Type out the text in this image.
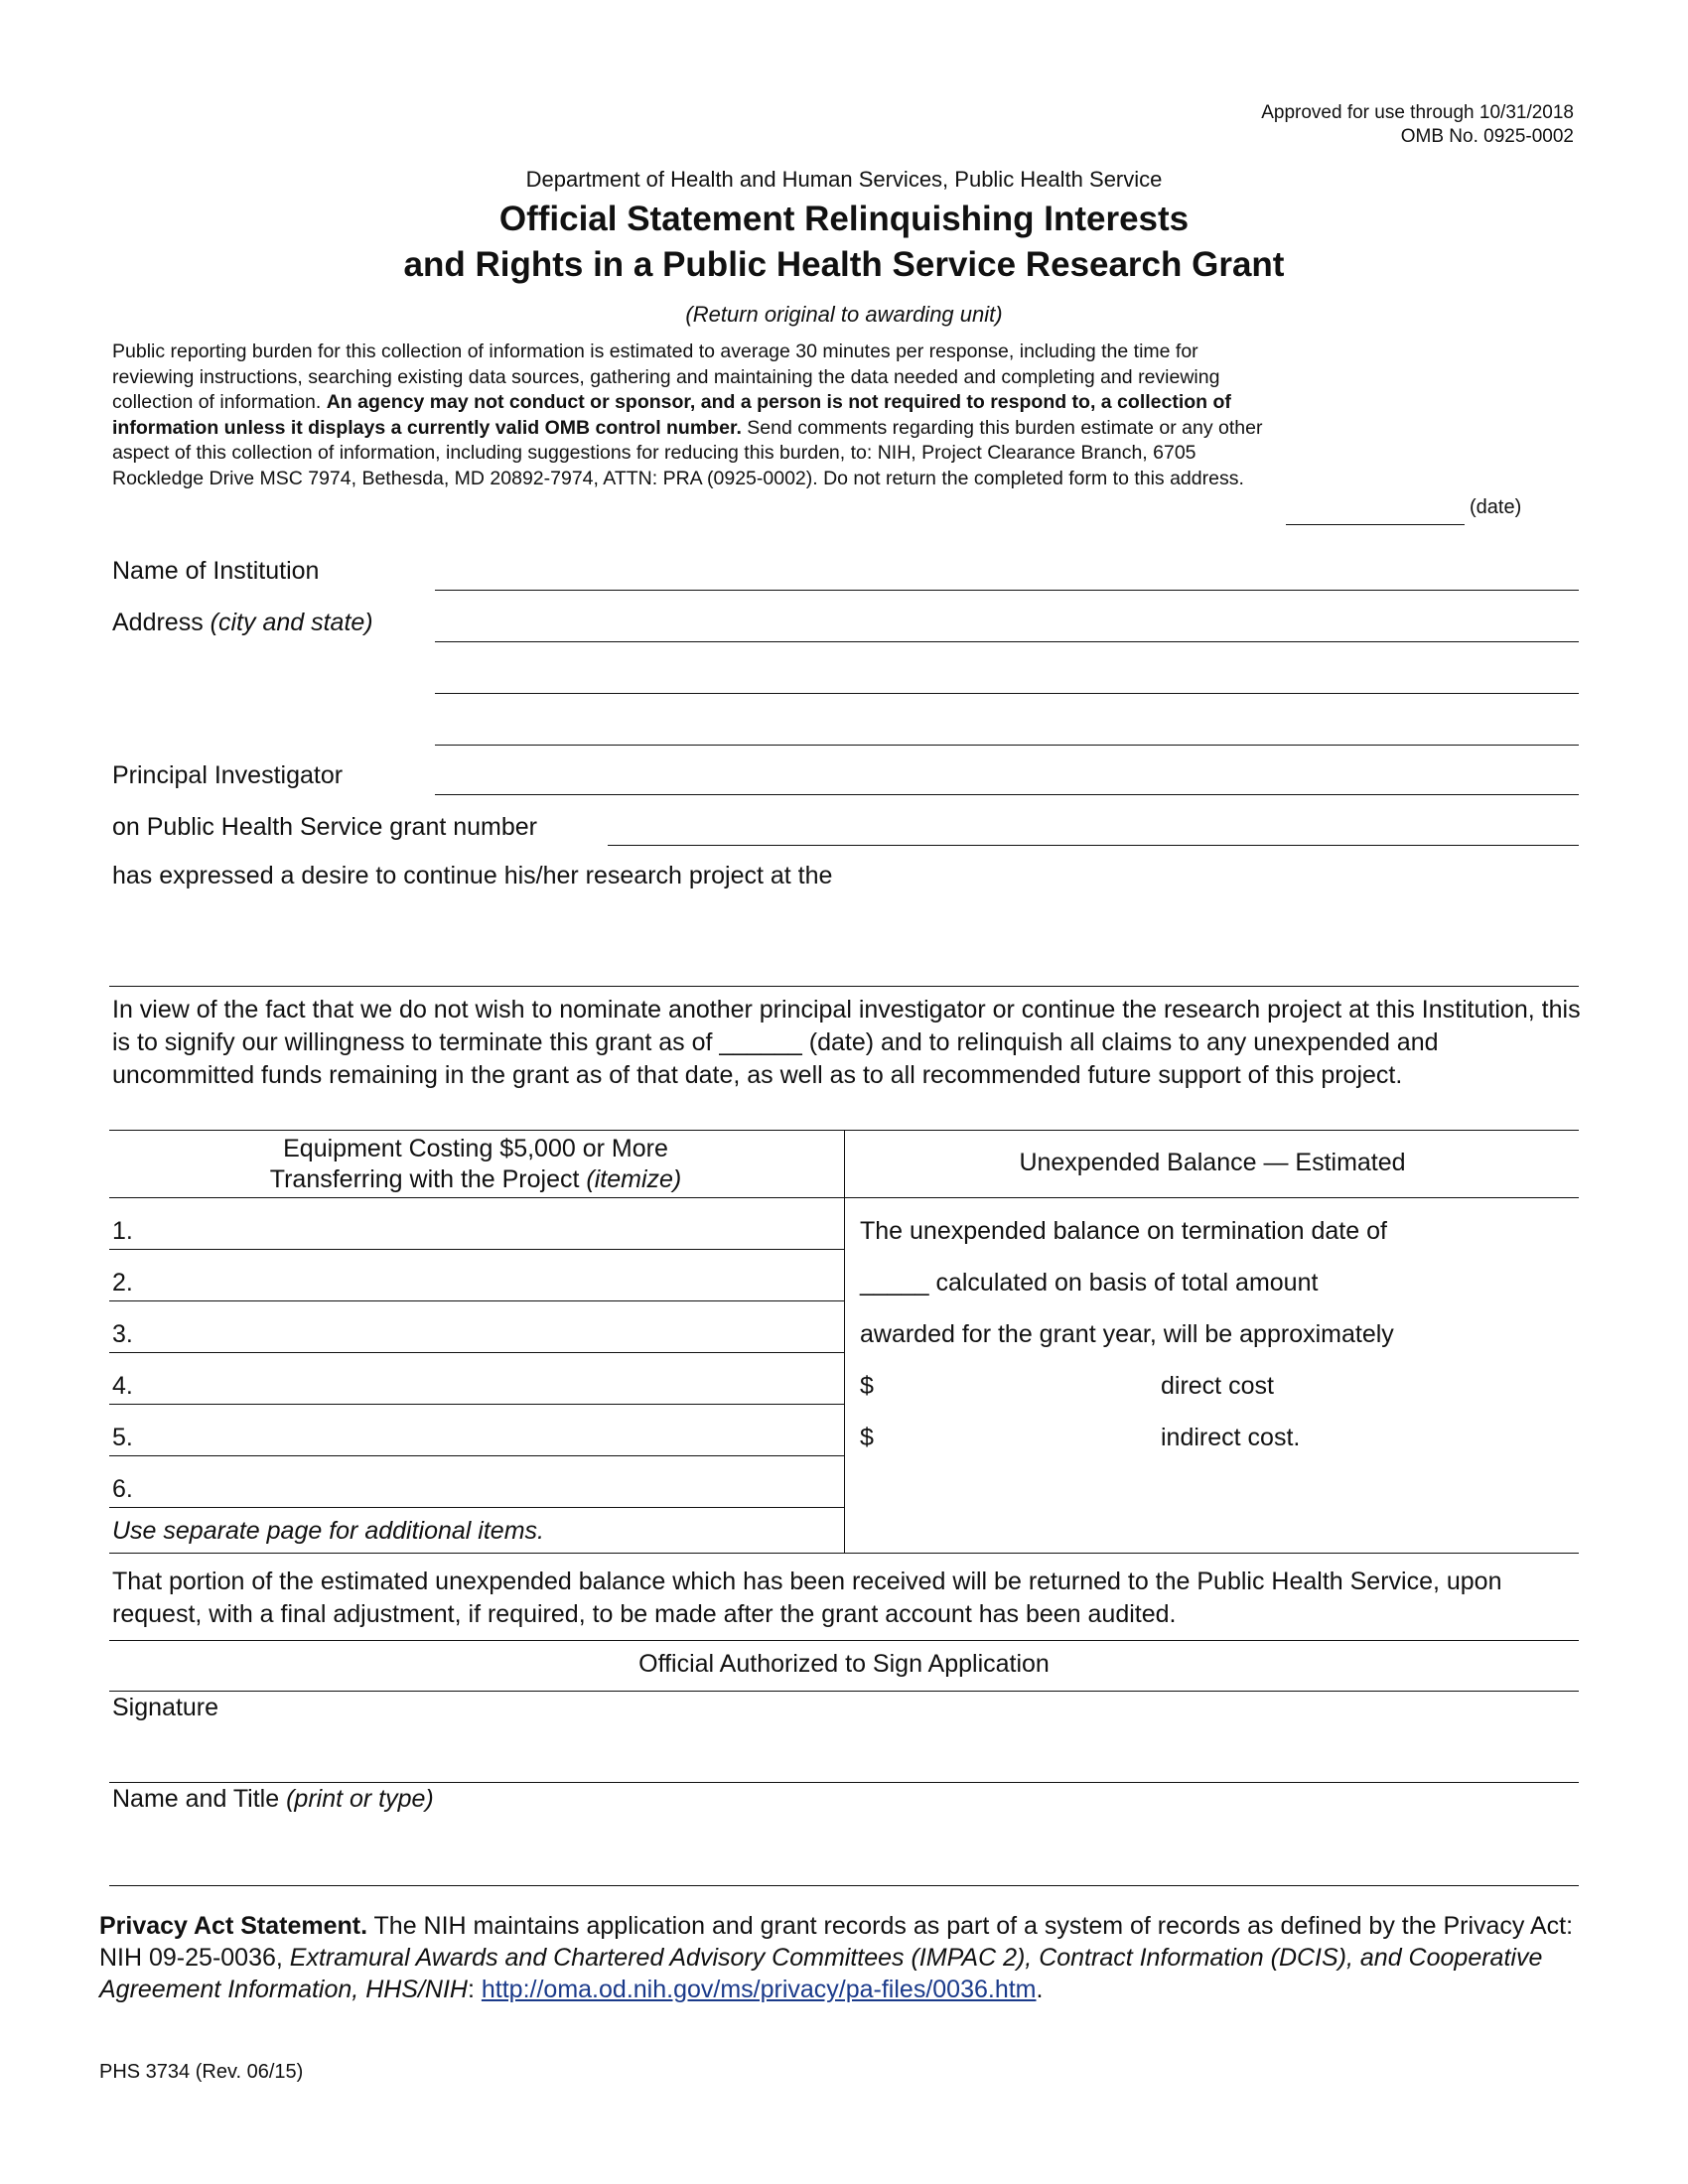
Approved for use through 10/31/2018
OMB No. 0925-0002
Department of Health and Human Services, Public Health Service
Official Statement Relinquishing Interests
and Rights in a Public Health Service Research Grant
(Return original to awarding unit)
Public reporting burden for this collection of information is estimated to average 30 minutes per response, including the time for reviewing instructions, searching existing data sources, gathering and maintaining the data needed and completing and reviewing collection of information. An agency may not conduct or sponsor, and a person is not required to respond to, a collection of information unless it displays a currently valid OMB control number. Send comments regarding this burden estimate or any other aspect of this collection of information, including suggestions for reducing this burden, to: NIH, Project Clearance Branch, 6705 Rockledge Drive MSC 7974, Bethesda, MD 20892-7974, ATTN: PRA (0925-0002). Do not return the completed form to this address.
(date)
Name of Institution
Address (city and state)
Principal Investigator
on Public Health Service grant number
has expressed a desire to continue his/her research project at the
In view of the fact that we do not wish to nominate another principal investigator or continue the research project at this Institution, this is to signify our willingness to terminate this grant as of ______ (date) and to relinquish all claims to any unexpended and uncommitted funds remaining in the grant as of that date, as well as to all recommended future support of this project.
Equipment Costing $5,000 or More
Transferring with the Project (itemize)
Unexpended Balance — Estimated
1.
2.
3.
4.
5.
6.
Use separate page for additional items.
The unexpended balance on termination date of
_____ calculated on basis of total amount
awarded for the grant year, will be approximately
$	direct cost
$	indirect cost.
That portion of the estimated unexpended balance which has been received will be returned to the Public Health Service, upon request, with a final adjustment, if required, to be made after the grant account has been audited.
Official Authorized to Sign Application
Signature
Name and Title (print or type)
Privacy Act Statement. The NIH maintains application and grant records as part of a system of records as defined by the Privacy Act: NIH 09-25-0036, Extramural Awards and Chartered Advisory Committees (IMPAC 2), Contract Information (DCIS), and Cooperative Agreement Information, HHS/NIH: http://oma.od.nih.gov/ms/privacy/pa-files/0036.htm.
PHS 3734 (Rev. 06/15)
